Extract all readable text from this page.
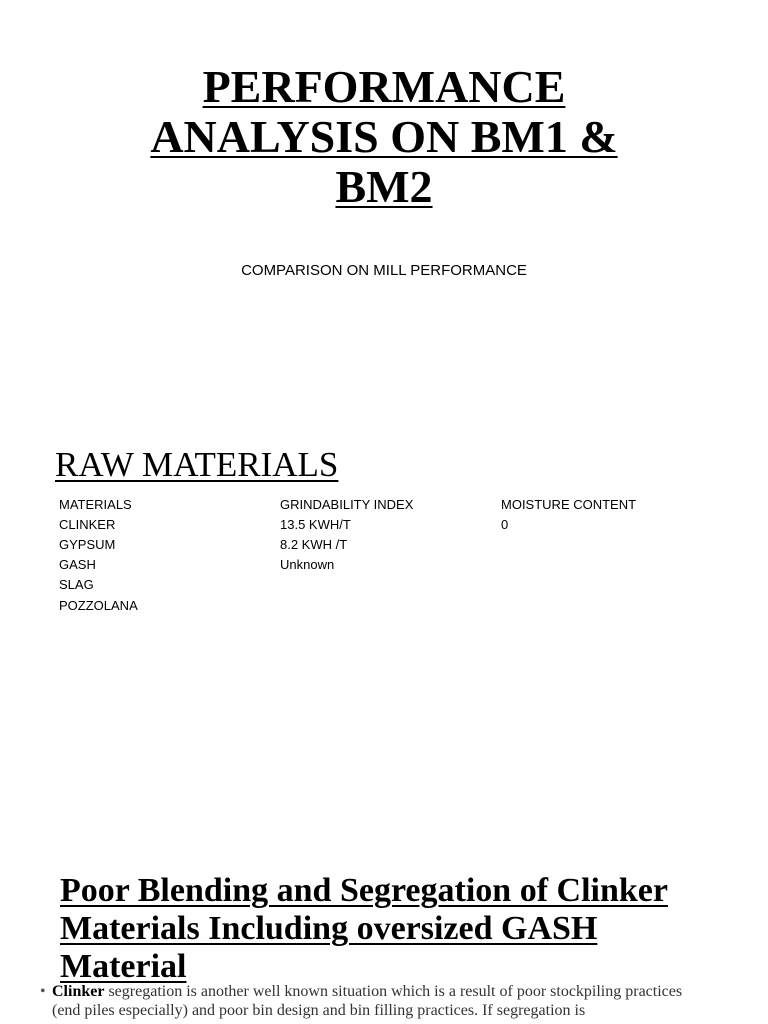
PERFORMANCE
ANALYSIS ON BM1 &
BM2
COMPARISON ON MILL PERFORMANCE
RAW MATERIALS
MATERIALS	GRINDABILITY INDEX	MOISTURE CONTENT
CLINKER	13.5 KWH/T	0
GYPSUM	8.2 KWH /T	
GASH	Unknown	
SLAG		
POZZOLANA		
Poor Blending and Segregation of Clinker
Materials Including oversized GASH
Material
• Clinker segregation is another well known situation which is a result of poor stockpiling practices (end piles especially) and poor bin design and bin filling practices. If segregation is
